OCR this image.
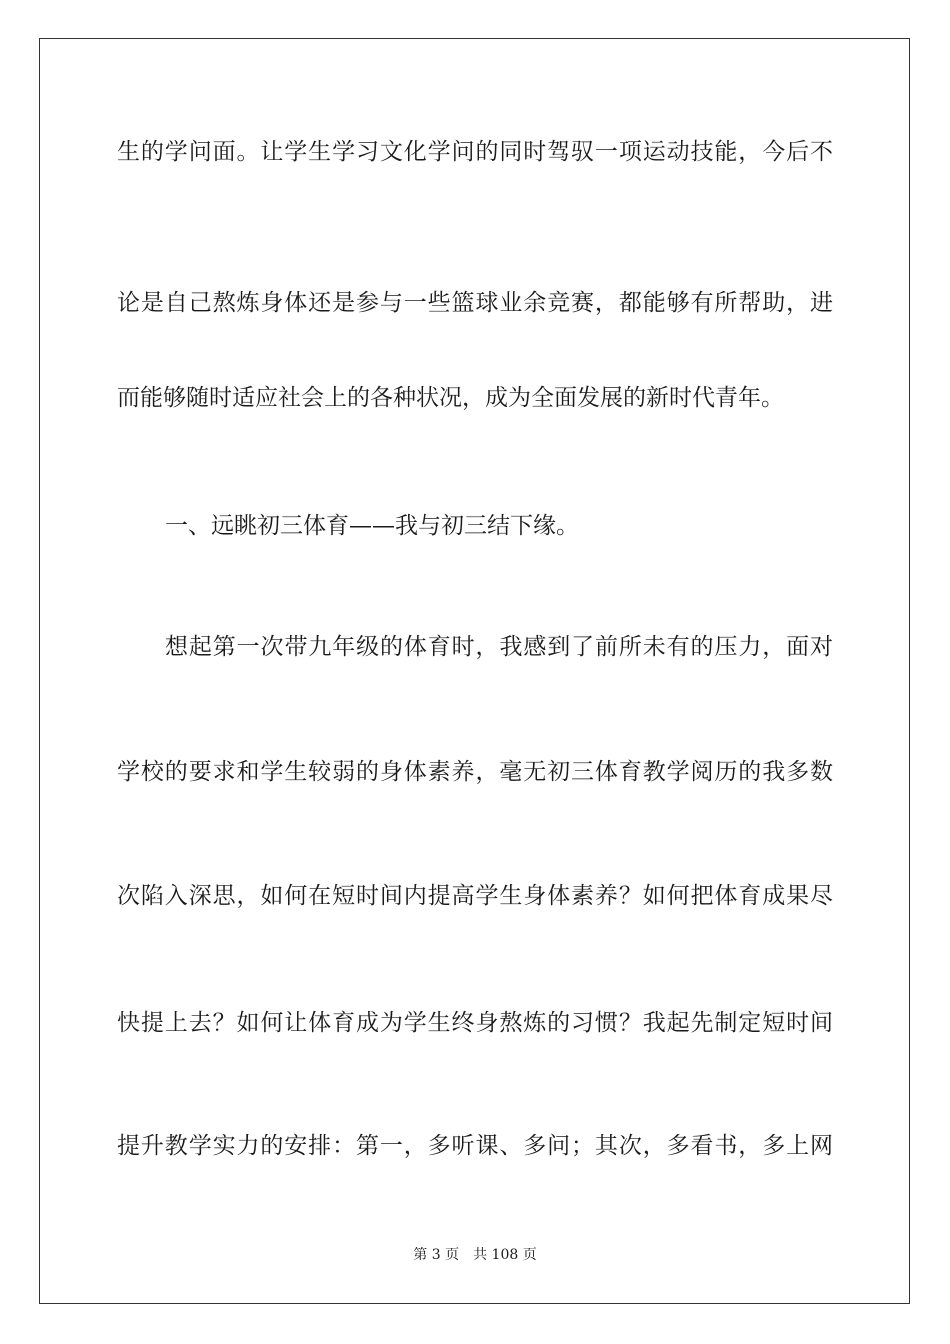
生的学问面。让学生学习文化学问的同时驾驭一项运动技能，今后不
论是自己熬炼身体还是参与一些篮球业余竞赛，都能够有所帮助，进
而能够随时适应社会上的各种状况，成为全面发展的新时代青年。
一、远眺初三体育——我与初三结下缘。
想起第一次带九年级的体育时，我感到了前所未有的压力，面对
学校的要求和学生较弱的身体素养，毫无初三体育教学阅历的我多数
次陷入深思，如何在短时间内提高学生身体素养？如何把体育成果尽
快提上去？如何让体育成为学生终身熬炼的习惯？我起先制定短时间
提升教学实力的安排：第一，多听课、多问；其次，多看书，多上网
第 3 页 共 108 页
